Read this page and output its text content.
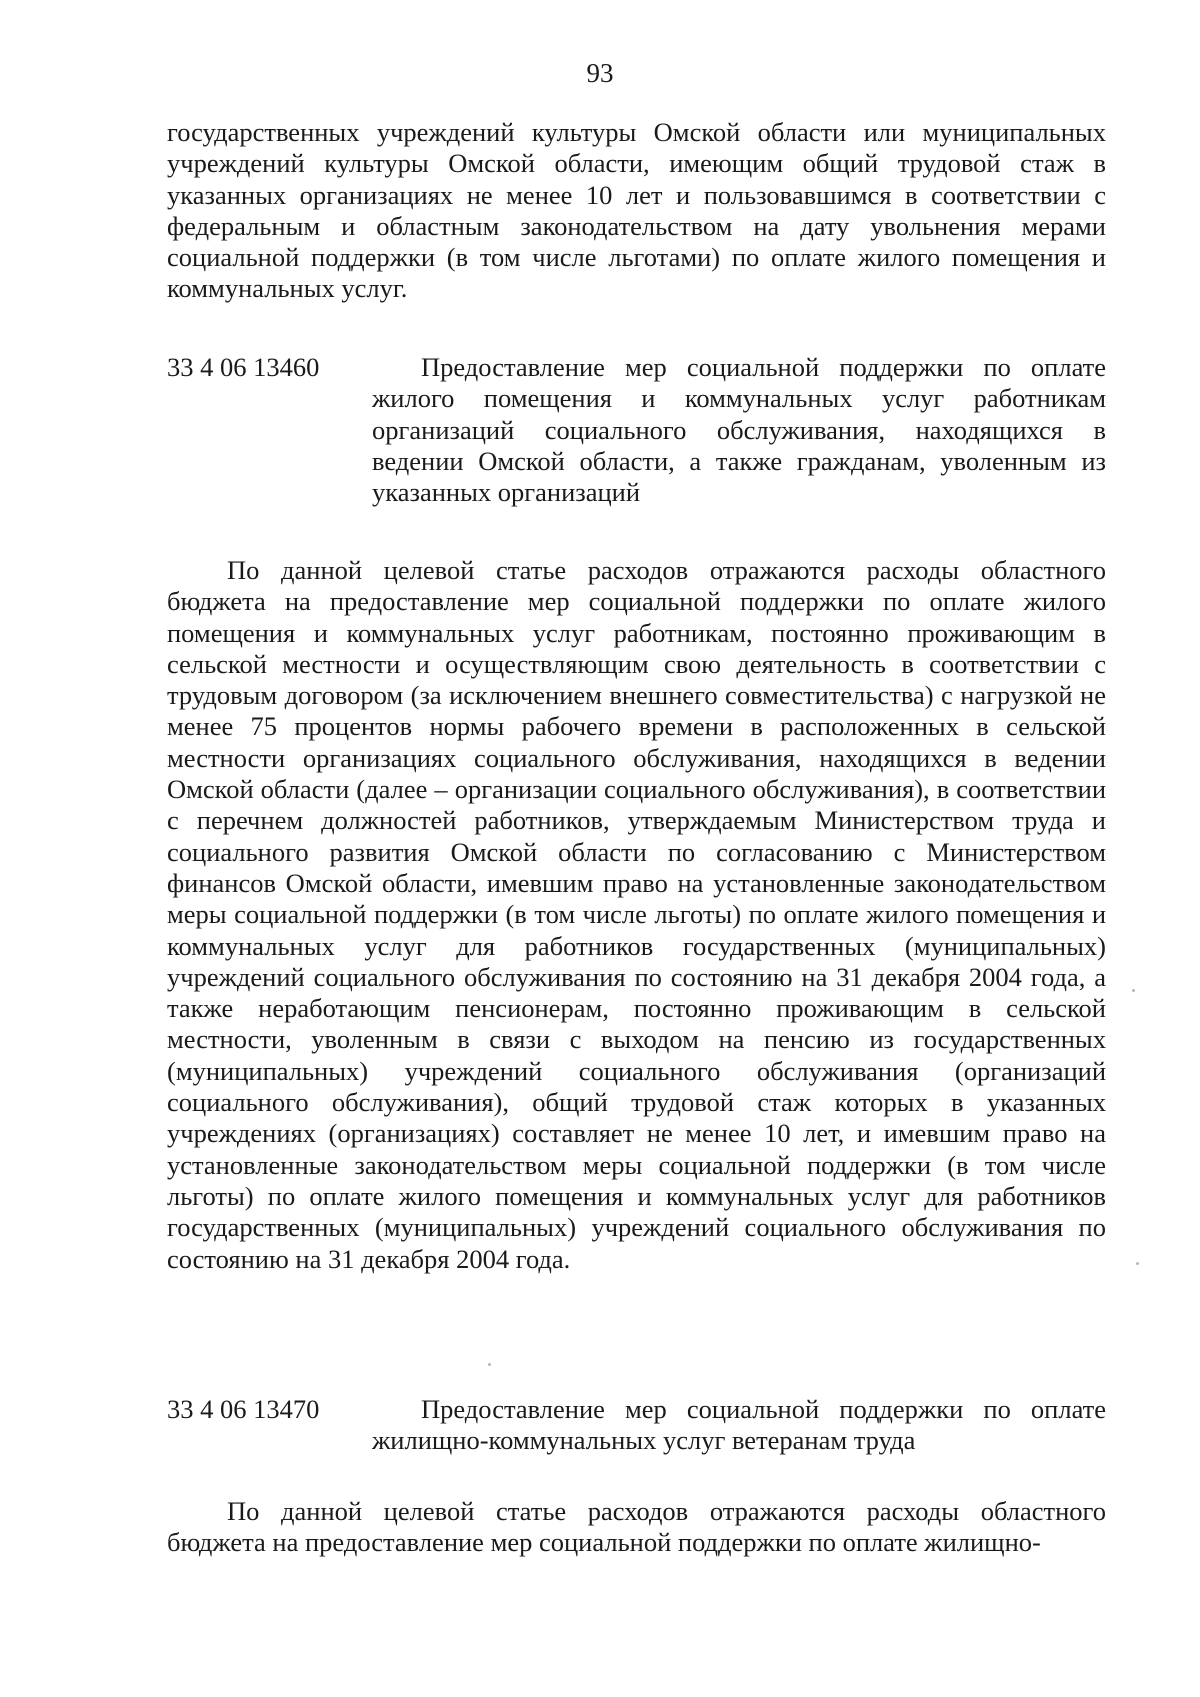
93

государственных учреждений культуры Омской области или муниципальных учреждений культуры Омской области, имеющим общий трудовой стаж в указанных организациях не менее 10 лет и пользовавшимся в соответствии с федеральным и областным законодательством на дату увольнения мерами социальной поддержки (в том числе льготами) по оплате жилого помещения и коммунальных услуг.

33 4 06 13460	Предоставление мер социальной поддержки по оплате жилого помещения и коммунальных услуг работникам организаций социального обслуживания, находящихся в ведении Омской области, а также гражданам, уволенным из указанных организаций

По данной целевой статье расходов отражаются расходы областного бюджета на предоставление мер социальной поддержки по оплате жилого помещения и коммунальных услуг работникам, постоянно проживающим в сельской местности и осуществляющим свою деятельность в соответствии с трудовым договором (за исключением внешнего совместительства) с нагрузкой не менее 75 процентов нормы рабочего времени в расположенных в сельской местности организациях социального обслуживания, находящихся в ведении Омской области (далее – организации социального обслуживания), в соответствии с перечнем должностей работников, утверждаемым Министерством труда и социального развития Омской области по согласованию с Министерством финансов Омской области, имевшим право на установленные законодательством меры социальной поддержки (в том числе льготы) по оплате жилого помещения и коммунальных услуг для работников государственных (муниципальных) учреждений социального обслуживания по состоянию на 31 декабря 2004 года, а также неработающим пенсионерам, постоянно проживающим в сельской местности, уволенным в связи с выходом на пенсию из государственных (муниципальных) учреждений социального обслуживания (организаций социального обслуживания), общий трудовой стаж которых в указанных учреждениях (организациях) составляет не менее 10 лет, и имевшим право на установленные законодательством меры социальной поддержки (в том числе льготы) по оплате жилого помещения и коммунальных услуг для работников государственных (муниципальных) учреждений социального обслуживания по состоянию на 31 декабря 2004 года.

33 4 06 13470	Предоставление мер социальной поддержки по оплате жилищно-коммунальных услуг ветеранам труда

По данной целевой статье расходов отражаются расходы областного бюджета на предоставление мер социальной поддержки по оплате жилищно-
